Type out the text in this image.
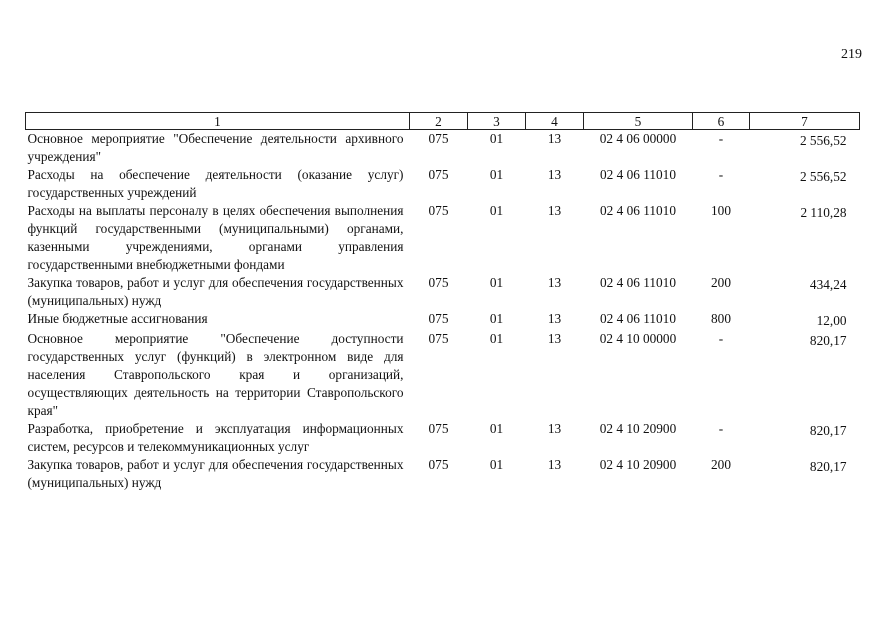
219
1	2	3	4	5	6	7
Основное мероприятие "Обеспечение деятельности архивного учреждения"	075	01	13	02 4 06 00000	-	2 556,52
Расходы на обеспечение деятельности (оказание услуг) государственных учреждений	075	01	13	02 4 06 11010	-	2 556,52
Расходы на выплаты персоналу в целях обеспечения выполнения функций государственными (муниципальными) органами, казенными учреждениями, органами управления государственными внебюджетными фондами	075	01	13	02 4 06 11010	100	2 110,28
Закупка товаров, работ и услуг для обеспечения государственных (муниципальных) нужд	075	01	13	02 4 06 11010	200	434,24
Иные бюджетные ассигнования	075	01	13	02 4 06 11010	800	12,00
Основное мероприятие "Обеспечение доступности государственных услуг (функций) в электронном виде для населения Ставропольского края и организаций, осуществляющих деятельность на территории Ставропольского края"	075	01	13	02 4 10 00000	-	820,17
Разработка, приобретение и эксплуатация информационных систем, ресурсов и телекоммуникационных услуг	075	01	13	02 4 10 20900	-	820,17
Закупка товаров, работ и услуг для обеспечения государственных (муниципальных) нужд	075	01	13	02 4 10 20900	200	820,17
